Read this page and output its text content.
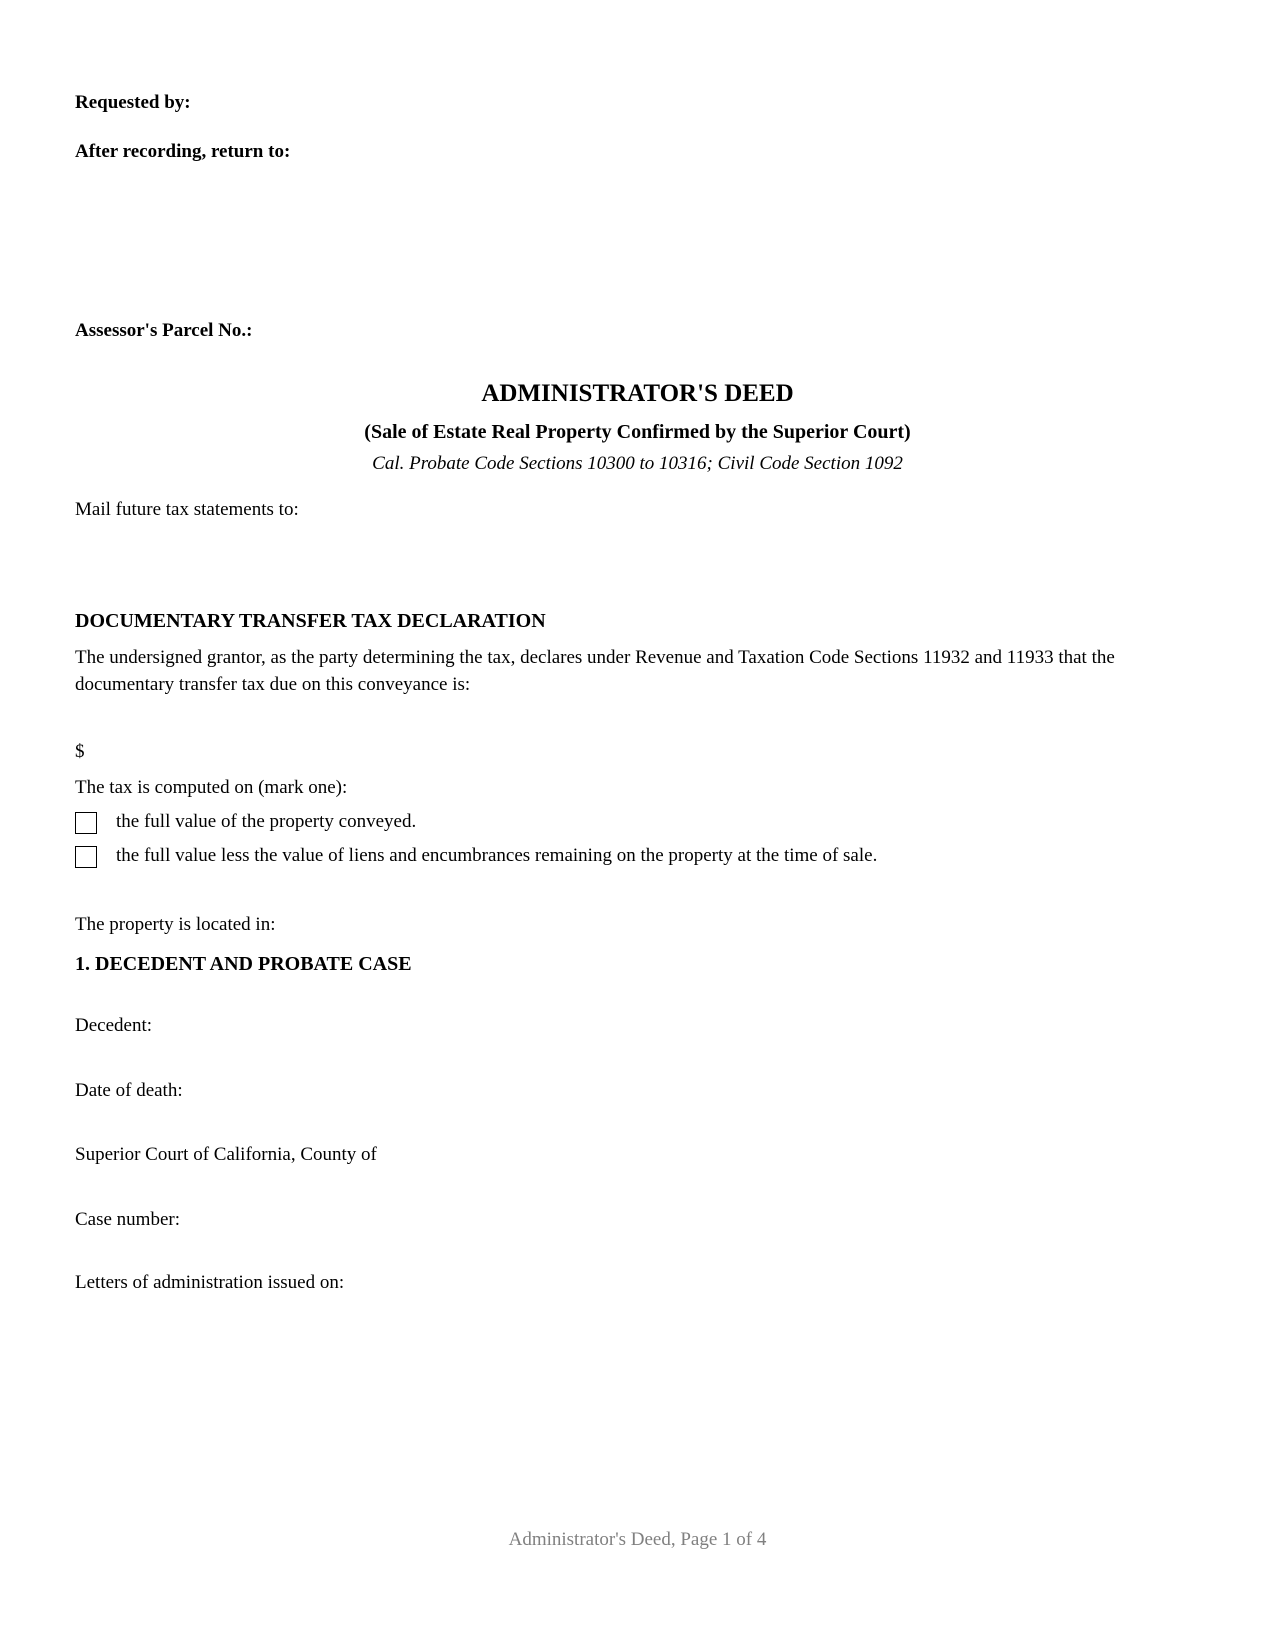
Requested by:

After recording, return to:

Assessor's Parcel No.:

ADMINISTRATOR'S DEED

(Sale of Estate Real Property Confirmed by the Superior Court)

Cal. Probate Code Sections 10300 to 10316; Civil Code Section 1092

Mail future tax statements to:

DOCUMENTARY TRANSFER TAX DECLARATION

The undersigned grantor, as the party determining the tax, declares under Revenue and Taxation Code Sections 11932 and 11933 that the documentary transfer tax due on this conveyance is:

$

The tax is computed on (mark one):

the full value of the property conveyed.

the full value less the value of liens and encumbrances remaining on the property at the time of sale.

The property is located in:

1. DECEDENT AND PROBATE CASE

Decedent:

Date of death:

Superior Court of California, County of

Case number:

Letters of administration issued on:

Administrator's Deed, Page 1 of 4
